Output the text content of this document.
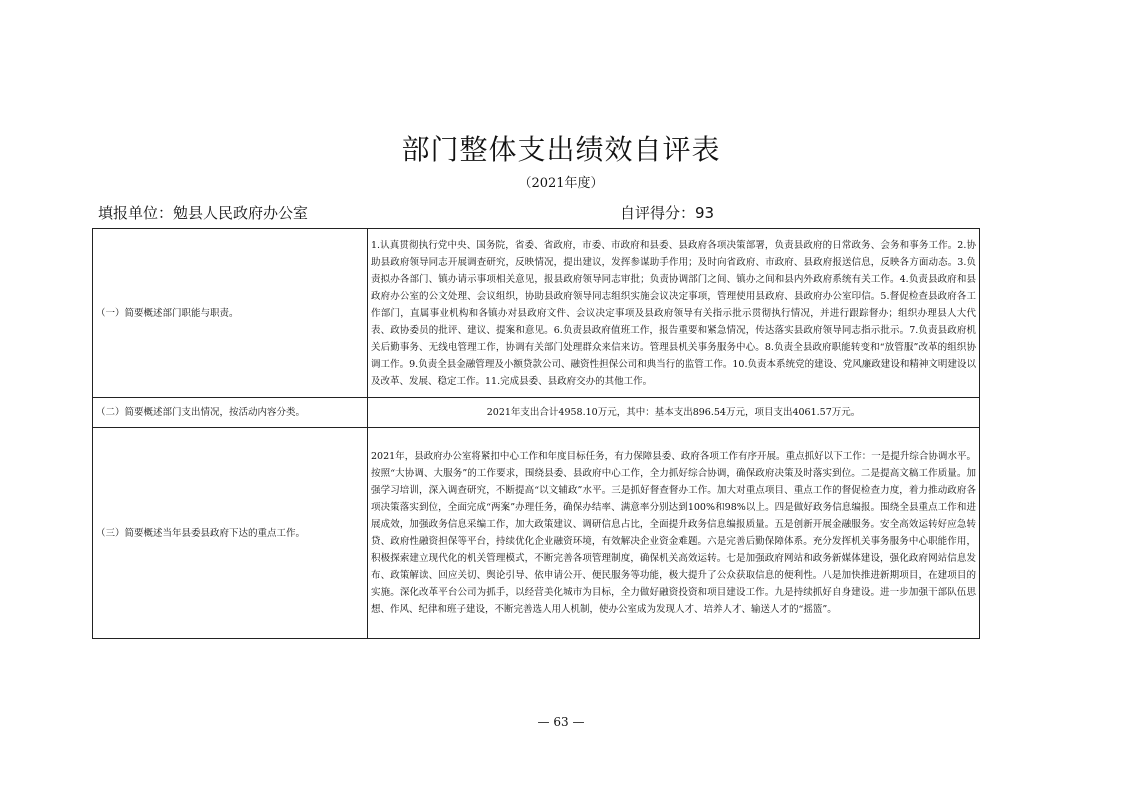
部门整体支出绩效自评表
（2021年度）
填报单位：勉县人民政府办公室	自评得分：93
（一）简要概述部门职能与职责。	1.认真贯彻执行党中央、国务院，省委、省政府，市委、市政府和县委、县政府各项决策部署，负责县政府的日常政务、会务和事务工作。2.协助县政府领导同志开展调查研究，反映情况，提出建议，发挥参谋助手作用；及时向省政府、市政府、县政府报送信息，反映各方面动态。3.负责拟办各部门、镇办请示事项相关意见，报县政府领导同志审批；负责协调部门之间、镇办之间和县内外政府系统有关工作。4.负责县政府和县政府办公室的公文处理、会议组织，协助县政府领导同志组织实施会议决定事项，管理使用县政府、县政府办公室印信。5.督促检查县政府各工作部门，直属事业机构和各镇办对县政府文件、会议决定事项及县政府领导有关指示批示贯彻执行情况，并进行跟踪督办；组织办理县人大代表、政协委员的批评、建议、提案和意见。6.负责县政府值班工作，报告重要和紧急情况，传达落实县政府领导同志指示批示。7.负责县政府机关后勤事务、无线电管理工作，协调有关部门处理群众来信来访。管理县机关事务服务中心。8.负责全县政府职能转变和“放管服”改革的组织协调工作。9.负责全县金融管理及小额贷款公司、融资性担保公司和典当行的监管工作。10.负责本系统党的建设、党风廉政建设和精神文明建设以及改革、发展、稳定工作。11.完成县委、县政府交办的其他工作。
（二）简要概述部门支出情况，按活动内容分类。	2021年支出合计4958.10万元，其中：基本支出896.54万元，项目支出4061.57万元。
（三）简要概述当年县委县政府下达的重点工作。	2021年，县政府办公室将紧扣中心工作和年度目标任务，有力保障县委、政府各项工作有序开展。重点抓好以下工作：一是提升综合协调水平。按照“大协调、大服务”的工作要求，围绕县委、县政府中心工作，全力抓好综合协调，确保政府决策及时落实到位。二是提高文稿工作质量。加强学习培训，深入调查研究，不断提高“以文辅政”水平。三是抓好督查督办工作。加大对重点项目、重点工作的督促检查力度，着力推动政府各项决策落实到位，全面完成“两案”办理任务，确保办结率、满意率分别达到100%和98%以上。四是做好政务信息编报。围绕全县重点工作和进展成效，加强政务信息采编工作，加大政策建议、调研信息占比，全面提升政务信息编报质量。五是创新开展金融服务。安全高效运转好应急转贷、政府性融资担保等平台，持续优化企业融资环境，有效解决企业资金难题。六是完善后勤保障体系。充分发挥机关事务服务中心职能作用，积极探索建立现代化的机关管理模式，不断完善各项管理制度，确保机关高效运转。七是加强政府网站和政务新媒体建设，强化政府网站信息发布、政策解读、回应关切、舆论引导、依申请公开、便民服务等功能，极大提升了公众获取信息的便利性。八是加快推进新期项目，在建项目的实施。深化改革平台公司为抓手，以经营美化城市为目标，全力做好融资投资和项目建设工作。九是持续抓好自身建设。进一步加强干部队伍思想、作风、纪律和班子建设，不断完善选人用人机制，使办公室成为发现人才、培养人才、输送人才的“摇篮”。
— 63 —
